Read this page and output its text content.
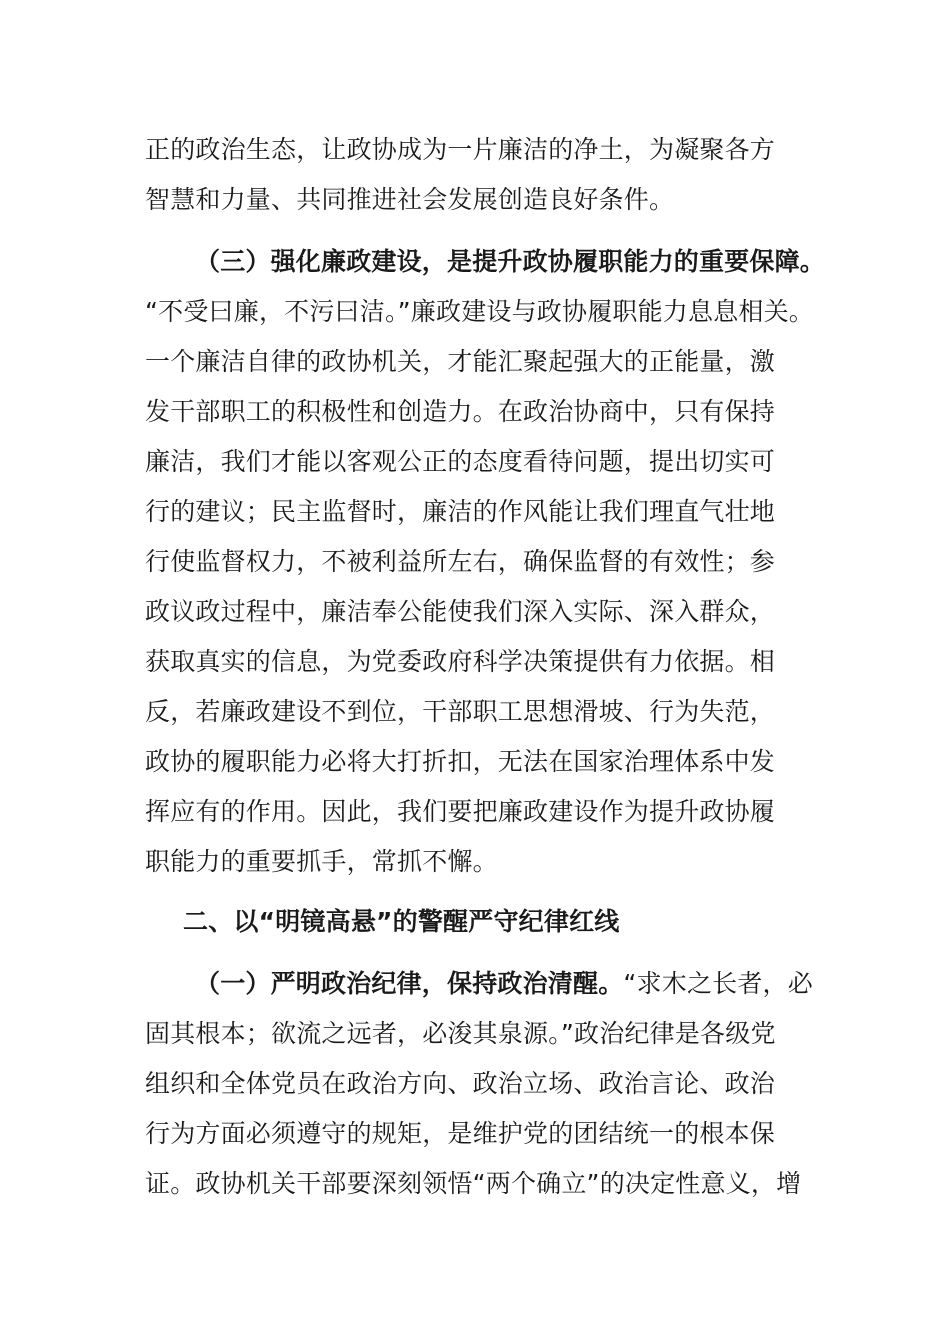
正的政治生态，让政协成为一片廉洁的净土，为凝聚各方
智慧和力量、共同推进社会发展创造良好条件。
（三）强化廉政建设，是提升政协履职能力的重要保障。
“不受曰廉，不污曰洁。”廉政建设与政协履职能力息息相关。
一个廉洁自律的政协机关，才能汇聚起强大的正能量，激
发干部职工的积极性和创造力。在政治协商中，只有保持
廉洁，我们才能以客观公正的态度看待问题，提出切实可
行的建议；民主监督时，廉洁的作风能让我们理直气壮地
行使监督权力，不被利益所左右，确保监督的有效性；参
政议政过程中，廉洁奉公能使我们深入实际、深入群众，
获取真实的信息，为党委政府科学决策提供有力依据。相
反，若廉政建设不到位，干部职工思想滑坡、行为失范，
政协的履职能力必将大打折扣，无法在国家治理体系中发
挥应有的作用。因此，我们要把廉政建设作为提升政协履
职能力的重要抓手，常抓不懈。
二、以“明镜高悬”的警醒严守纪律红线
（一）严明政治纪律，保持政治清醒。“求木之长者，必
固其根本；欲流之远者，必浚其泉源。”政治纪律是各级党
组织和全体党员在政治方向、政治立场、政治言论、政治
行为方面必须遵守的规矩，是维护党的团结统一的根本保
证。政协机关干部要深刻领悟“两个确立”的决定性意义，增
